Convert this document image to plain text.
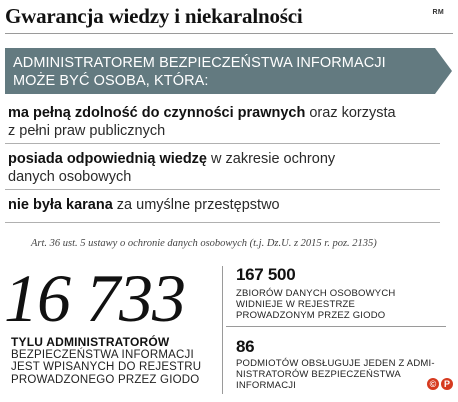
Gwarancja wiedzy i niekaralności	RM
ADMINISTRATOREM BEZPIECZEŃSTWA INFORMACJI
MOŻE BYĆ OSOBA, KTÓRA:
ma pełną zdolność do czynności prawnych oraz korzysta
z pełni praw publicznych
posiada odpowiednią wiedzę w zakresie ochrony
danych osobowych
nie była karana za umyślne przestępstwo
Art. 36 ust. 5 ustawy o ochronie danych osobowych (t.j. Dz.U. z 2015 r. poz. 2135)
16 733
TYLU ADMINISTRATORÓW
BEZPIECZEŃSTWA INFORMACJI
JEST WPISANYCH DO REJESTRU
PROWADZONEGO PRZEZ GIODO
167 500
ZBIORÓW DANYCH OSOBOWYCH
WIDNIEJE W REJESTRZE
PROWADZONYM PRZEZ GIODO
86
PODMIOTÓW OBSŁUGUJE JEDEN Z ADMI-
NISTRATORÓW BEZPIECZEŃSTWA
INFORMACJI	© P
